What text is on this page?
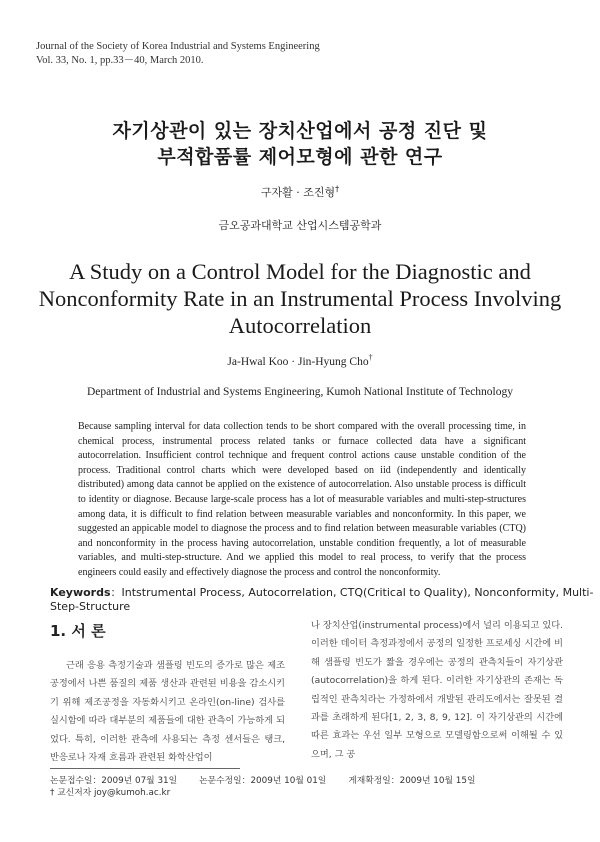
Journal of the Society of Korea Industrial and Systems Engineering
Vol. 33, No. 1, pp.33－40, March 2010.
자기상관이 있는 장치산업에서 공정 진단 및
부적합품률 제어모형에 관한 연구
구자활 · 조진형†
금오공과대학교 산업시스템공학과
A Study on a Control Model for the Diagnostic and
Nonconformity Rate in an Instrumental Process Involving
Autocorrelation
Ja-Hwal Koo · Jin-Hyung Cho†
Department of Industrial and Systems Engineering, Kumoh National Institute of Technology
Because sampling interval for data collection tends to be short compared with the overall processing time, in chemical process, instrumental process related tanks or furnace collected data have a significant autocorrelation. Insufficient control technique and frequent control actions cause unstable condition of the process. Traditional control charts which were developed based on iid (independently and identically distributed) among data cannot be applied on the existence of autocorrelation. Also unstable process is difficult to identity or diagnose. Because large-scale process has a lot of measurable variables and multi-step-structures among data, it is difficult to find relation between measurable variables and nonconformity. In this paper, we suggested an appicable model to diagnose the process and to find relation between measurable variables (CTQ) and nonconformity in the process having autocorrelation, unstable condition frequently, a lot of measurable variables, and multi-step-structure. And we applied this model to real process, to verify that the process engineers could easily and effectively diagnose the process and control the nonconformity.
Keywords：Intstrumental Process, Autocorrelation, CTQ(Critical to Quality), Nonconformity, Multi-Step-Structure
1. 서 론
근래 응용 측정기술과 샘플링 빈도의 증가로 많은 제조공정에서 나쁜 품질의 제품 생산과 관련된 비용을 감소시키기 위해 제조공정을 자동화시키고 온라인(on-line) 검사를 실시함에 따라 대부분의 제품들에 대한 관측이 가능하게 되었다. 특히, 이러한 관측에 사용되는 측정 센서들은 탱크, 반응로나 자재 흐름과 관련된 화학산업이
나 장치산업(instrumental process)에서 널리 이용되고 있다. 이러한 데이터 측정과정에서 공정의 일정한 프로세싱 시간에 비해 샘플링 빈도가 짧을 경우에는 공정의 관측치들이 자기상관(autocorrelation)을 하게 된다. 이러한 자기상관의 존재는 독립적인 관측치라는 가정하에서 개발된 관리도에서는 잘못된 결과를 초래하게 된다[1, 2, 3, 8, 9, 12]. 이 자기상관의 시간에 따른 효과는 우선 일부 모형으로 모델링함으로써 이해될 수 있으며, 그 공
논문접수일：2009년 07월 31일	논문수정일：2009년 10월 01일	게재확정일：2009년 10월 15일
† 교신저자 joy@kumoh.ac.kr
